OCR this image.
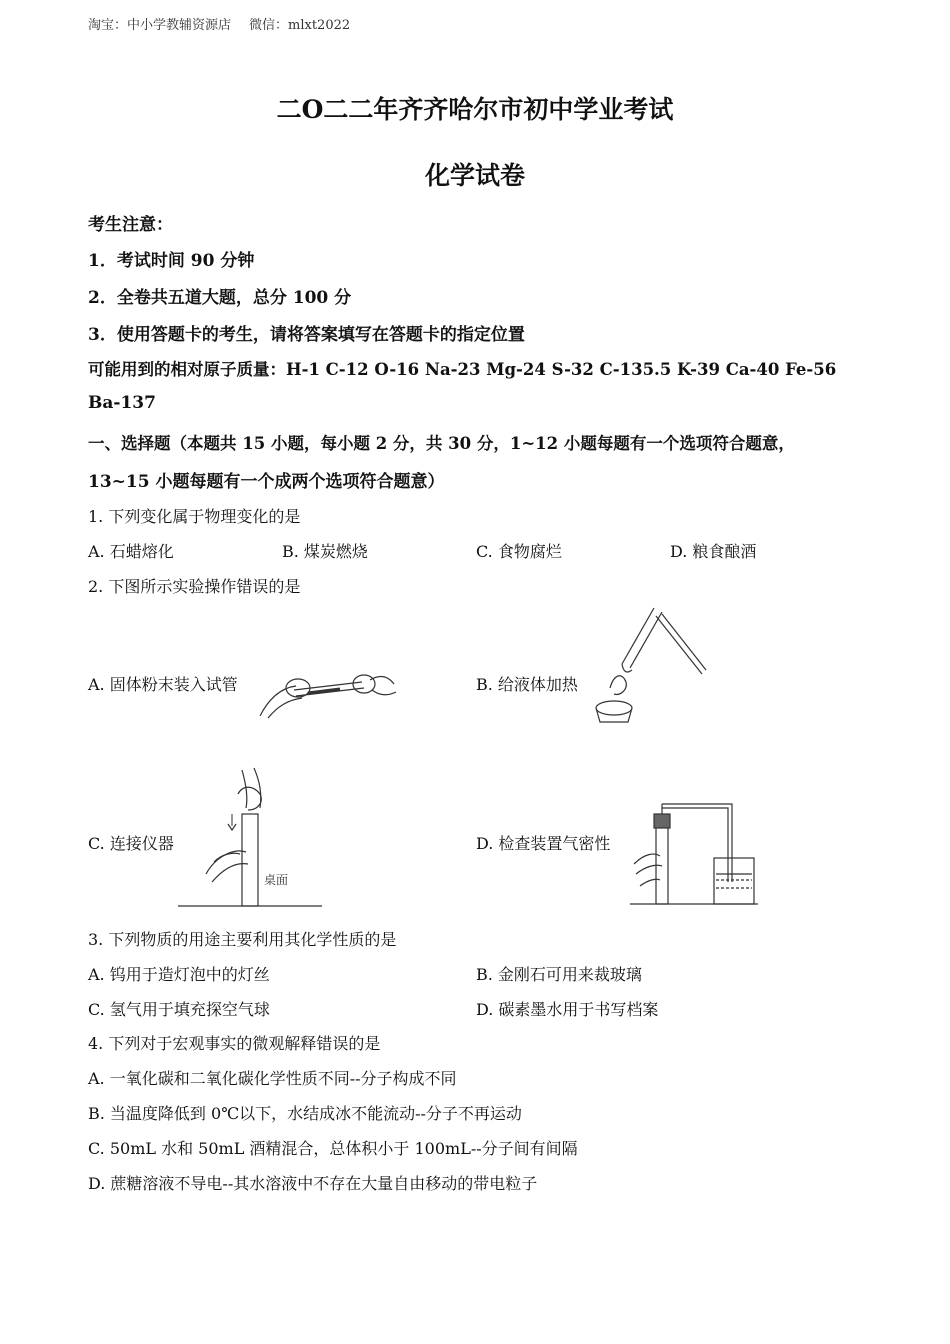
淘宝：中小学教辅资源店 微信：mlxt2022
二O二二年齐齐哈尔市初中学业考试
化学试卷
考生注意：
1．考试时间 90 分钟
2．全卷共五道大题，总分 100 分
3．使用答题卡的考生，请将答案填写在答题卡的指定位置
可能用到的相对原子质量：H-1 C-12 O-16 Na-23 Mg-24 S-32 C-135.5 K-39 Ca-40 Fe-56
Ba-137
一、选择题（本题共 15 小题，每小题 2 分，共 30 分，1~12 小题每题有一个选项符合题意，
13~15 小题每题有一个成两个选项符合题意）
1. 下列变化属于物理变化的是
A. 石蜡熔化	B. 煤炭燃烧	C. 食物腐烂	D. 粮食酿酒
2. 下图所示实验操作错误的是
A. 固体粉末装入试管	B. 给液体加热
C. 连接仪器	D. 检查装置气密性
桌面
3. 下列物质的用途主要利用其化学性质的是
A. 钨用于造灯泡中的灯丝	B. 金刚石可用来裁玻璃
C. 氢气用于填充探空气球	D. 碳素墨水用于书写档案
4. 下列对于宏观事实的微观解释错误的是
A. 一氧化碳和二氧化碳化学性质不同--分子构成不同
B. 当温度降低到 0℃以下，水结成冰不能流动--分子不再运动
C. 50mL 水和 50mL 酒精混合，总体积小于 100mL--分子间有间隔
D. 蔗糖溶液不导电--其水溶液中不存在大量自由移动的带电粒子
